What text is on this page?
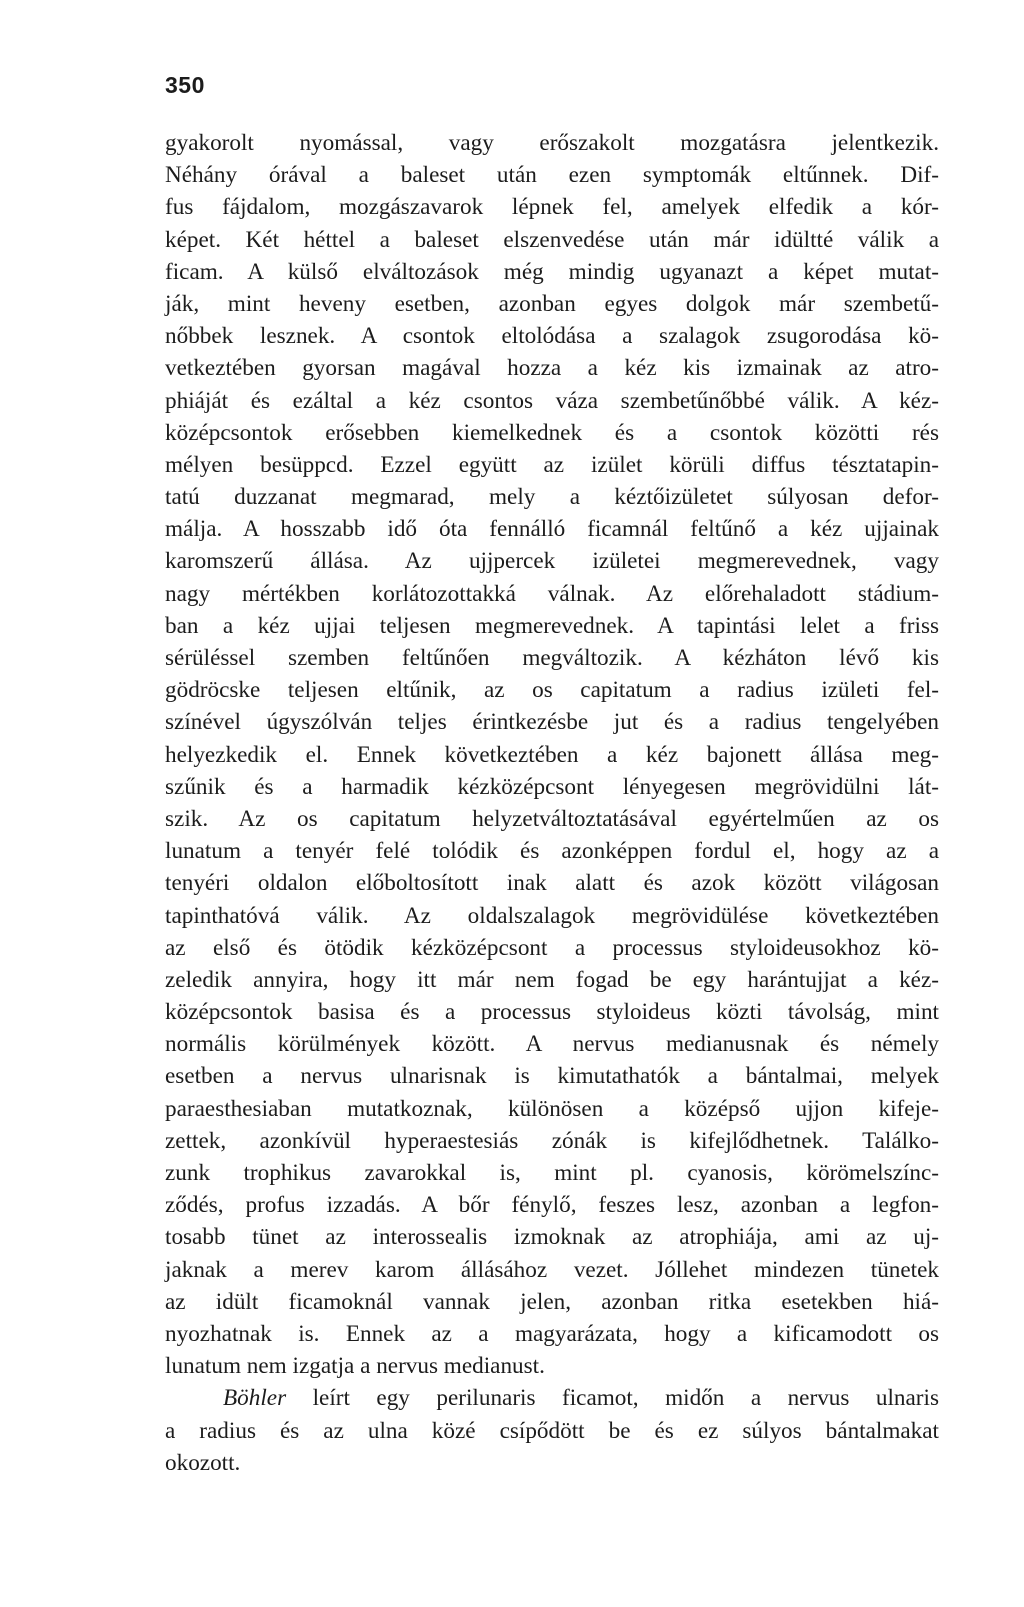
350
gyakorolt nyomással, vagy erőszakolt mozgatásra jelentkezik.
Néhány órával a baleset után ezen symptomák eltűnnek. Dif-
fus fájdalom, mozgászavarok lépnek fel, amelyek elfedik a kór-
képet. Két héttel a baleset elszenvedése után már idültté válik a
ficam. A külső elváltozások még mindig ugyanazt a képet mutat-
ják, mint heveny esetben, azonban egyes dolgok már szembetű-
nőbbek lesznek. A csontok eltolódása a szalagok zsugorodása kö-
vetkeztében gyorsan magával hozza a kéz kis izmainak az atro-
phiáját és ezáltal a kéz csontos váza szembetűnőbbé válik. A kéz-
középcsontok erősebben kiemelkednek és a csontok közötti rés
mélyen besüppcd. Ezzel együtt az izület körüli diffus tésztatapin-
tatú duzzanat megmarad, mely a kéztőizületet súlyosan defor-
málja. A hosszabb idő óta fennálló ficamnál feltűnő a kéz ujjainak
karomszerű állása. Az ujjpercek izületei megmerevednek, vagy
nagy mértékben korlátozottakká válnak. Az előrehaladott stádium-
ban a kéz ujjai teljesen megmerevednek. A tapintási lelet a friss
sérüléssel szemben feltűnően megváltozik. A kézháton lévő kis
gödröcske teljesen eltűnik, az os capitatum a radius izületi fel-
színével úgyszólván teljes érintkezésbe jut és a radius tengelyében
helyezkedik el. Ennek következtében a kéz bajonett állása meg-
szűnik és a harmadik kézközépcsont lényegesen megrövidülni lát-
szik. Az os capitatum helyzetváltoztatásával egyértelműen az os
lunatum a tenyér felé tolódik és azonképpen fordul el, hogy az a
tenyéri oldalon előboltosított inak alatt és azok között világosan
tapinthatóvá válik. Az oldalszalagok megrövidülése következtében
az első és ötödik kézközépcsont a processus styloideusokhoz kö-
zeledik annyira, hogy itt már nem fogad be egy harántujjat a kéz-
középcsontok basisa és a processus styloideus közti távolság, mint
normális körülmények között. A nervus medianusnak és némely
esetben a nervus ulnarisnak is kimutathatók a bántalmai, melyek
paraesthesiaban mutatkoznak, különösen a középső ujjon kifeje-
zettek, azonkívül hyperaestesiás zónák is kifejlődhetnek. Találko-
zunk trophikus zavarokkal is, mint pl. cyanosis, körömelszínc-
ződés, profus izzadás. A bőr fénylő, feszes lesz, azonban a legfon-
tosabb tünet az interossealis izmoknak az atrophiája, ami az uj-
jaknak a merev karom állásához vezet. Jóllehet mindezen tünetek
az idült ficamoknál vannak jelen, azonban ritka esetekben hiá-
nyozhatnak is. Ennek az a magyarázata, hogy a kificamodott os
lunatum nem izgatja a nervus medianust.
Böhler leírt egy perilunaris ficamot, midőn a nervus ulnaris
a radius és az ulna közé csípődött be és ez súlyos bántalmakat
okozott.
